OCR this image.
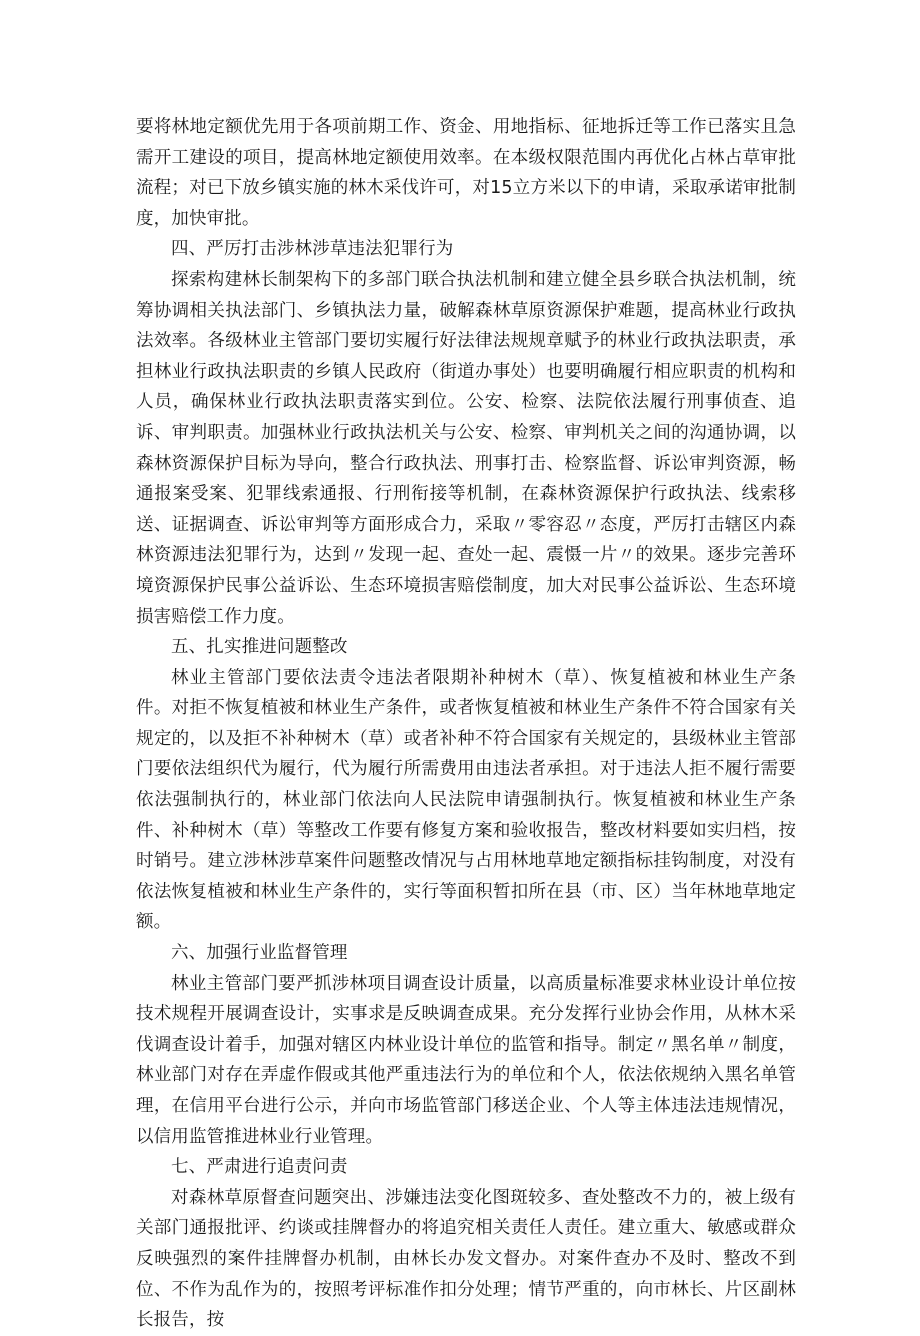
要将林地定额优先用于各项前期工作、资金、用地指标、征地拆迁等工作已落实且急需开工建设的项目，提高林地定额使用效率。在本级权限范围内再优化占林占草审批流程；对已下放乡镇实施的林木采伐许可，对15立方米以下的申请，采取承诺审批制度，加快审批。

四、严厉打击涉林涉草违法犯罪行为

探索构建林长制架构下的多部门联合执法机制和建立健全县乡联合执法机制，统筹协调相关执法部门、乡镇执法力量，破解森林草原资源保护难题，提高林业行政执法效率。各级林业主管部门要切实履行好法律法规规章赋予的林业行政执法职责，承担林业行政执法职责的乡镇人民政府（街道办事处）也要明确履行相应职责的机构和人员，确保林业行政执法职责落实到位。公安、检察、法院依法履行刑事侦查、追诉、审判职责。加强林业行政执法机关与公安、检察、审判机关之间的沟通协调，以森林资源保护目标为导向，整合行政执法、刑事打击、检察监督、诉讼审判资源，畅通报案受案、犯罪线索通报、行刑衔接等机制，在森林资源保护行政执法、线索移送、证据调查、诉讼审判等方面形成合力，采取〃零容忍〃态度，严厉打击辖区内森林资源违法犯罪行为，达到〃发现一起、查处一起、震慑一片〃的效果。逐步完善环境资源保护民事公益诉讼、生态环境损害赔偿制度，加大对民事公益诉讼、生态环境损害赔偿工作力度。

五、扎实推进问题整改

林业主管部门要依法责令违法者限期补种树木（草）、恢复植被和林业生产条件。对拒不恢复植被和林业生产条件，或者恢复植被和林业生产条件不符合国家有关规定的，以及拒不补种树木（草）或者补种不符合国家有关规定的，县级林业主管部门要依法组织代为履行，代为履行所需费用由违法者承担。对于违法人拒不履行需要依法强制执行的，林业部门依法向人民法院申请强制执行。恢复植被和林业生产条件、补种树木（草）等整改工作要有修复方案和验收报告，整改材料要如实归档，按时销号。建立涉林涉草案件问题整改情况与占用林地草地定额指标挂钩制度，对没有依法恢复植被和林业生产条件的，实行等面积暂扣所在县（市、区）当年林地草地定额。

六、加强行业监督管理

林业主管部门要严抓涉林项目调查设计质量，以高质量标准要求林业设计单位按技术规程开展调查设计，实事求是反映调查成果。充分发挥行业协会作用，从林木采伐调查设计着手，加强对辖区内林业设计单位的监管和指导。制定〃黑名单〃制度，林业部门对存在弄虚作假或其他严重违法行为的单位和个人，依法依规纳入黑名单管理，在信用平台进行公示，并向市场监管部门移送企业、个人等主体违法违规情况，以信用监管推进林业行业管理。

七、严肃进行追责问责

对森林草原督查问题突出、涉嫌违法变化图斑较多、查处整改不力的，被上级有关部门通报批评、约谈或挂牌督办的将追究相关责任人责任。建立重大、敏感或群众反映强烈的案件挂牌督办机制，由林长办发文督办。对案件查办不及时、整改不到位、不作为乱作为的，按照考评标准作扣分处理；情节严重的，向市林长、片区副林长报告，按
